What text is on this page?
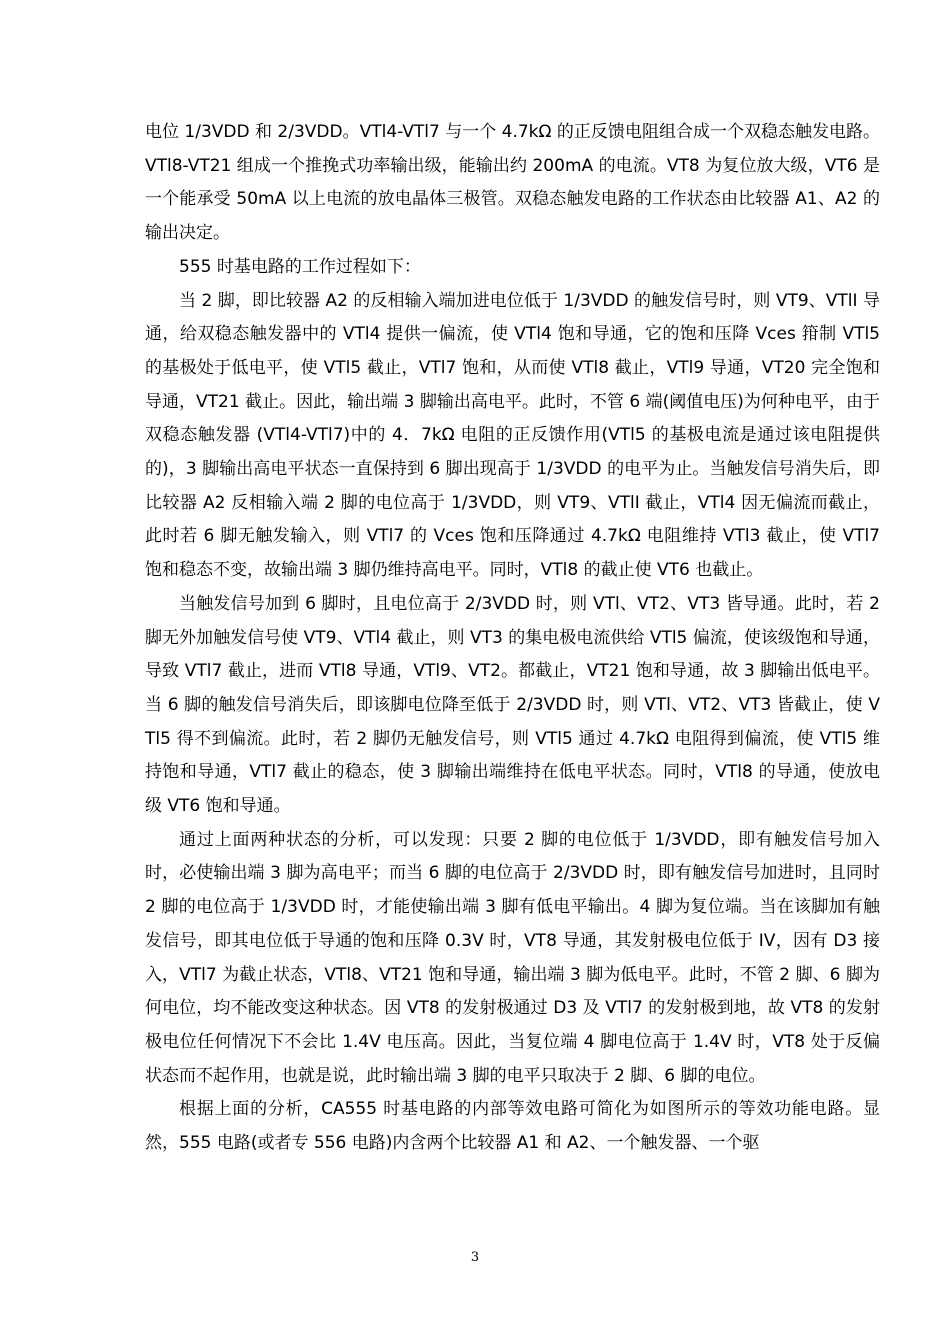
电位 1/3VDD 和 2/3VDD。VTl4-VTl7 与一个 4.7kΩ 的正反馈电阻组合成一个双稳态触发电路。VTl8-VT21 组成一个推挽式功率输出级，能输出约 200mA 的电流。VT8 为复位放大级，VT6 是一个能承受 50mA 以上电流的放电晶体三极管。双稳态触发电路的工作状态由比较器 A1、A2 的输出决定。

555 时基电路的工作过程如下：

当 2 脚，即比较器 A2 的反相输入端加进电位低于 1/3VDD 的触发信号时，则 VT9、VTlI 导通，给双稳态触发器中的 VTl4 提供一偏流，使 VTl4 饱和导通，它的饱和压降 Vces 箝制 VTl5 的基极处于低电平，使 VTl5 截止，VTl7 饱和，从而使 VTl8 截止，VTl9 导通，VT20 完全饱和导通，VT21 截止。因此，输出端 3 脚输出高电平。此时，不管 6 端(阈值电压)为何种电平，由于双稳态触发器 (VTl4-VTl7)中的 4．7kΩ 电阻的正反馈作用(VTl5 的基极电流是通过该电阻提供的)，3 脚输出高电平状态一直保持到 6 脚出现高于 1/3VDD 的电平为止。当触发信号消失后，即比较器 A2 反相输入端 2 脚的电位高于 1/3VDD，则 VT9、VTlI 截止，VTl4 因无偏流而截止，此时若 6 脚无触发输入，则 VTl7 的 Vces 饱和压降通过 4.7kΩ 电阻维持 VTl3 截止，使 VTl7 饱和稳态不变，故输出端 3 脚仍维持高电平。同时，VTl8 的截止使 VT6 也截止。

当触发信号加到 6 脚时，且电位高于 2/3VDD 时，则 VTl、VT2、VT3 皆导通。此时，若 2 脚无外加触发信号使 VT9、VTl4 截止，则 VT3 的集电极电流供给 VTl5 偏流，使该级饱和导通，导致 VTl7 截止，进而 VTl8 导通，VTl9、VT2。都截止，VT21 饱和导通，故 3 脚输出低电平。当 6 脚的触发信号消失后，即该脚电位降至低于 2/3VDD 时，则 VTl、VT2、VT3 皆截止，使 VTl5 得不到偏流。此时，若 2 脚仍无触发信号，则 VTl5 通过 4.7kΩ 电阻得到偏流，使 VTl5 维持饱和导通，VTl7 截止的稳态，使 3 脚输出端维持在低电平状态。同时，VTl8 的导通，使放电级 VT6 饱和导通。

通过上面两种状态的分析，可以发现：只要 2 脚的电位低于 1/3VDD，即有触发信号加入时，必使输出端 3 脚为高电平；而当 6 脚的电位高于 2/3VDD 时，即有触发信号加进时，且同时 2 脚的电位高于 1/3VDD 时，才能使输出端 3 脚有低电平输出。4 脚为复位端。当在该脚加有触发信号，即其电位低于导通的饱和压降 0.3V 时，VT8 导通，其发射极电位低于 IV，因有 D3 接入，VTl7 为截止状态，VTl8、VT21 饱和导通，输出端 3 脚为低电平。此时，不管 2 脚、6 脚为何电位，均不能改变这种状态。因 VT8 的发射极通过 D3 及 VTl7 的发射极到地，故 VT8 的发射极电位任何情况下不会比 1.4V 电压高。因此，当复位端 4 脚电位高于 1.4V 时，VT8 处于反偏状态而不起作用，也就是说，此时输出端 3 脚的电平只取决于 2 脚、6 脚的电位。

根据上面的分析，CA555 时基电路的内部等效电路可简化为如图所示的等效功能电路。显然，555 电路(或者专 556 电路)内含两个比较器 A1 和 A2、一个触发器、一个驱

3
